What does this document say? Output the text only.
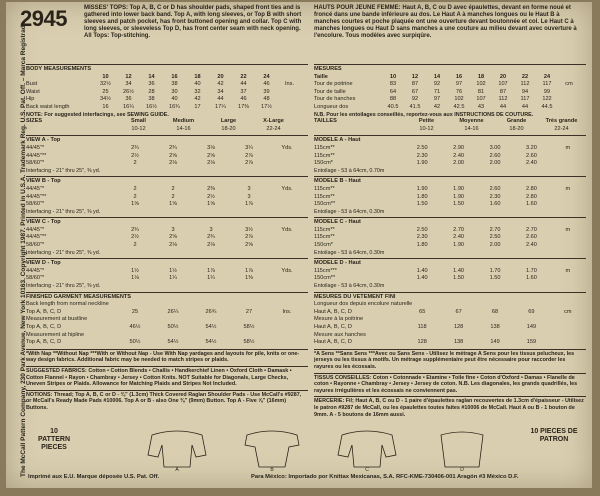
The McCall Pattern Company, 230 Park Avenue, New York 10163. Copyright 1987. Printed in U.S.A. Trademark Reg. U.S. Pat. Off. – Marca Registrada
2945	MISSES' TOPS: Top A, B, C or D has shoulder pads, shaped front ties and is gathered into lower back band. Top A, with long sleeves, or Top B with short sleeves and patch pocket, has front buttoned opening and collar. Top C with long sleeves, or sleeveless Top D, has front center seam with neck opening. All Tops: Top-stitching.
HAUTS POUR JEUNE FEMME: Haut A, B, C ou D avec épaulettes, devant en forme noué et froncé dans une bande inférieure au dos. Le Haut A à manches longues ou le Haut B à manches courtes et poche plaquée ont une ouverture devant boutonnée et col. Le Haut C à manches longues ou Haut D sans manches a une couture au milieu devant avec ouverture à l'encolure. Tous modèles avec surpiqûre.
BODY MEASUREMENTS
10	12	14	16	18	20	22	24
Bust	32½	34	36	38	40	42	44	46	Ins.
Waist	25	26½	28	30	32	34	37	39
Hip	34½	36	38	40	42	44	46	48
Back waist length	16	16¼	16½	16¾	17	17¼	17⅜	17½
NOTE: For suggested interfacings, see SEWING GUIDE.
SIZES	Small	Medium	Large	X-Large
10-12	14-16	18-20	22-24
VIEW A - Top
44/45"*	2¾	2¾	3⅛	3¼	Yds.
44/45"**	2½	2⅝	2⅝	2⅞
58/60"*	2	2⅛	2⅛	2⅞
Interfacing - 21" thru 25", ⅜ yd.
VIEW B - Top
44/45"*	2	2	2⅜	3	Yds.
44/45"**	2	2	2½	3
58/60"*	1⅝	1⅝	1⅝	1⅞
Interfacing - 21" thru 25", ⅜ yd.
VIEW C - Top
44/45"*	2¾	3	3	3½	Yds.
44/45"**	2½	2⅝	2¾	2⅞
58/60"*	2	2⅛	2⅛	2⅝
Interfacing - 21" thru 25", ⅜ yd.
VIEW D - Top
44/45"*	1½	1½	1⅞	1⅞	Yds.
58/60"*	1⅛	1¼	1¼	1⅜
Interfacing - 21" thru 25", ⅜ yd.
FINISHED GARMENT MEASUREMENTS
Back length from normal neckline
Top A, B, C, D	25	26¼	26¾	27	Ins.
Measurement at bustline
Top A, B, C, D	46½	50½	54½	58½
Measurement at hipline
Top A, B, C, D	50½	54½	54½	58½
*With Nap **Without Nap ***With or Without Nap - Use With Nap yardages and layouts for pile, knits or one-way design fabrics. Additional fabric may be needed to match stripes or plaids.
SUGGESTED FABRICS: Cotton • Cotton Blends • Challis • Handkerchief Linen • Oxford Cloth • Damask • Cotton Flannel • Rayon • Chambray • Jersey • Cotton Knits. NOT Suitable for Diagonals, Large Checks, Uneven Stripes or Plaids. Allowance for Matching Plaids and Stripes Not Included.
NOTIONS: Thread; Top A, B, C or D - ⅜" (1.3cm) Thick Covered Raglan Shoulder Pads - Use McCall's #9287, or McCall's Ready Made Pads #10006. Top A or B - also One ⅜" (9mm) Button. Top A - Five ⅝" (16mm) Buttons.
MESURES
Taille	10	12	14	16	18	20	22	24
Tour de poitrine	83	87	92	97	102	107	112	117	cm
Tour de taille	64	67	71	76	81	87	94	99
Tour de hanches	88	92	97	102	107	112	117	122
Longueur dos	40.5	41.5	42	42.5	43	44	44	44.5
N.B. Pour les entoilages conseillés, reportez-vous aux INSTRUCTIONS DE COUTURE.
TAILLES	Petite	Moyenne	Grande	Très grande
10-12	14-16	18-20	22-24
MODELE A - Haut
115cm**	2.50	2.90	3.00	3.20	m
115cm**	2.30	2.40	2.60	2.60
150cm*	1.90	2.00	2.00	2.40
Entoilage - 53 à 64cm, 0.70m
MODELE B - Haut
115cm**	1.90	1.90	2.60	2.80	m
115cm**	1.80	1.90	2.30	2.80
150cm**	1.50	1.50	1.60	1.60
Entoilage - 53 à 64cm, 0.30m
MODELE C - Haut
115cm**	2.50	2.70	2.70	2.70	m
115cm**	2.30	2.40	2.50	2.60
150cm*	1.80	1.90	2.00	2.40
Entoilage - 53 à 64cm, 0.30m
MODELE D - Haut
115cm***	1.40	1.40	1.70	1.70	m
150cm**	1.40	1.50	1.50	1.60
Entoilage - 53 à 64cm, 0.30m
MESURES DU VETEMENT FINI
Longueur dos depuis encolure naturelle
Haut A, B, C, D	65	67	68	69	cm
Mesure à la poitrine
Haut A, B, C, D	118	128	138	149
Mesure aux hanches
Haut A, B, C, D	128	138	149	159
*A Sens **Sans Sens ***Avec ou Sans Sens - Utilisez le métrage A Sens pour les tissus pelucheux, les jerseys ou les tissus à motifs. Un métrage supplémentaire peut être nécessaire pour raccorder les rayures ou les écossais.
TISSUS CONSEILLES: Coton • Cotonnade • Etamine • Toile fine • Coton d'Oxford • Damas • Flanelle de coton • Rayonne • Chambray • Jersey • Jersey de coton. N.B. Les diagonales, les grands quadrillés, les rayures irrégulières et les écossais ne conviennent pas.
MERCERIE: Fil; Haut A, B, C ou D - 1 paire d'épaulettes raglan recouvertes de 1.3cm d'épaisseur - Utilisez le patron #9287 de McCall, ou les épaulettes toutes faites #10006 de McCall. Haut A ou B - 1 bouton de 9mm. A - 5 boutons de 16mm aussi.
10 PATTERN PIECES
10 PIECES DE PATRON
A	B	C	D
Imprimé aux E.U. Marque déposée U.S. Pat. Off.	Para México: Importado por Knittax Mexicanas, S.A. RFC-KME-730406-001 Aragón #3 México D.F.
